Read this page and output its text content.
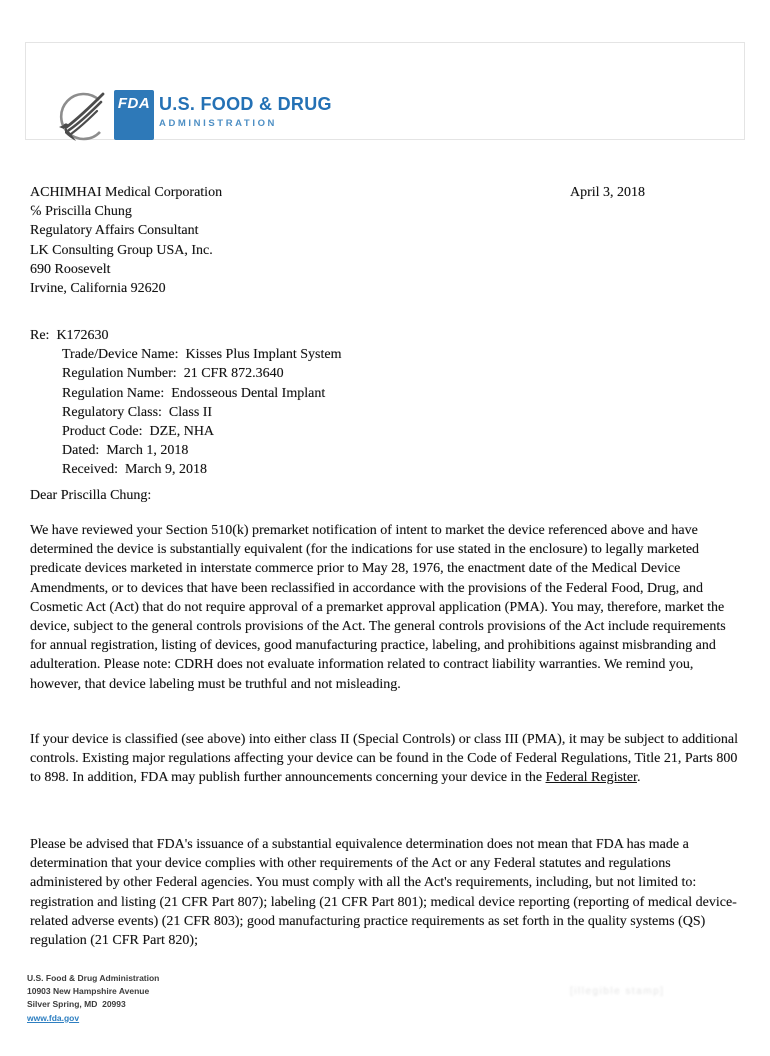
FDA U.S. FOOD & DRUG
ADMINISTRATION
April 3, 2018
ACHIMHAI Medical Corporation
℅ Priscilla Chung
Regulatory Affairs Consultant
LK Consulting Group USA, Inc.
690 Roosevelt
Irvine, California 92620
Re:  K172630
Trade/Device Name:  Kisses Plus Implant System
Regulation Number:  21 CFR 872.3640
Regulation Name:  Endosseous Dental Implant
Regulatory Class:  Class II
Product Code:  DZE, NHA
Dated:  March 1, 2018
Received:  March 9, 2018
Dear Priscilla Chung:
We have reviewed your Section 510(k) premarket notification of intent to market the device referenced above and have determined the device is substantially equivalent (for the indications for use stated in the enclosure) to legally marketed predicate devices marketed in interstate commerce prior to May 28, 1976, the enactment date of the Medical Device Amendments, or to devices that have been reclassified in accordance with the provisions of the Federal Food, Drug, and Cosmetic Act (Act) that do not require approval of a premarket approval application (PMA). You may, therefore, market the device, subject to the general controls provisions of the Act. The general controls provisions of the Act include requirements for annual registration, listing of devices, good manufacturing practice, labeling, and prohibitions against misbranding and adulteration. Please note: CDRH does not evaluate information related to contract liability warranties. We remind you, however, that device labeling must be truthful and not misleading.
If your device is classified (see above) into either class II (Special Controls) or class III (PMA), it may be subject to additional controls. Existing major regulations affecting your device can be found in the Code of Federal Regulations, Title 21, Parts 800 to 898. In addition, FDA may publish further announcements concerning your device in the Federal Register.
Please be advised that FDA's issuance of a substantial equivalence determination does not mean that FDA has made a determination that your device complies with other requirements of the Act or any Federal statutes and regulations administered by other Federal agencies. You must comply with all the Act's requirements, including, but not limited to: registration and listing (21 CFR Part 807); labeling (21 CFR Part 801); medical device reporting (reporting of medical device-related adverse events) (21 CFR 803); good manufacturing practice requirements as set forth in the quality systems (QS) regulation (21 CFR Part 820);
U.S. Food & Drug Administration
10903 New Hampshire Avenue
Silver Spring, MD  20993
www.fda.gov
[illegible stamp]
